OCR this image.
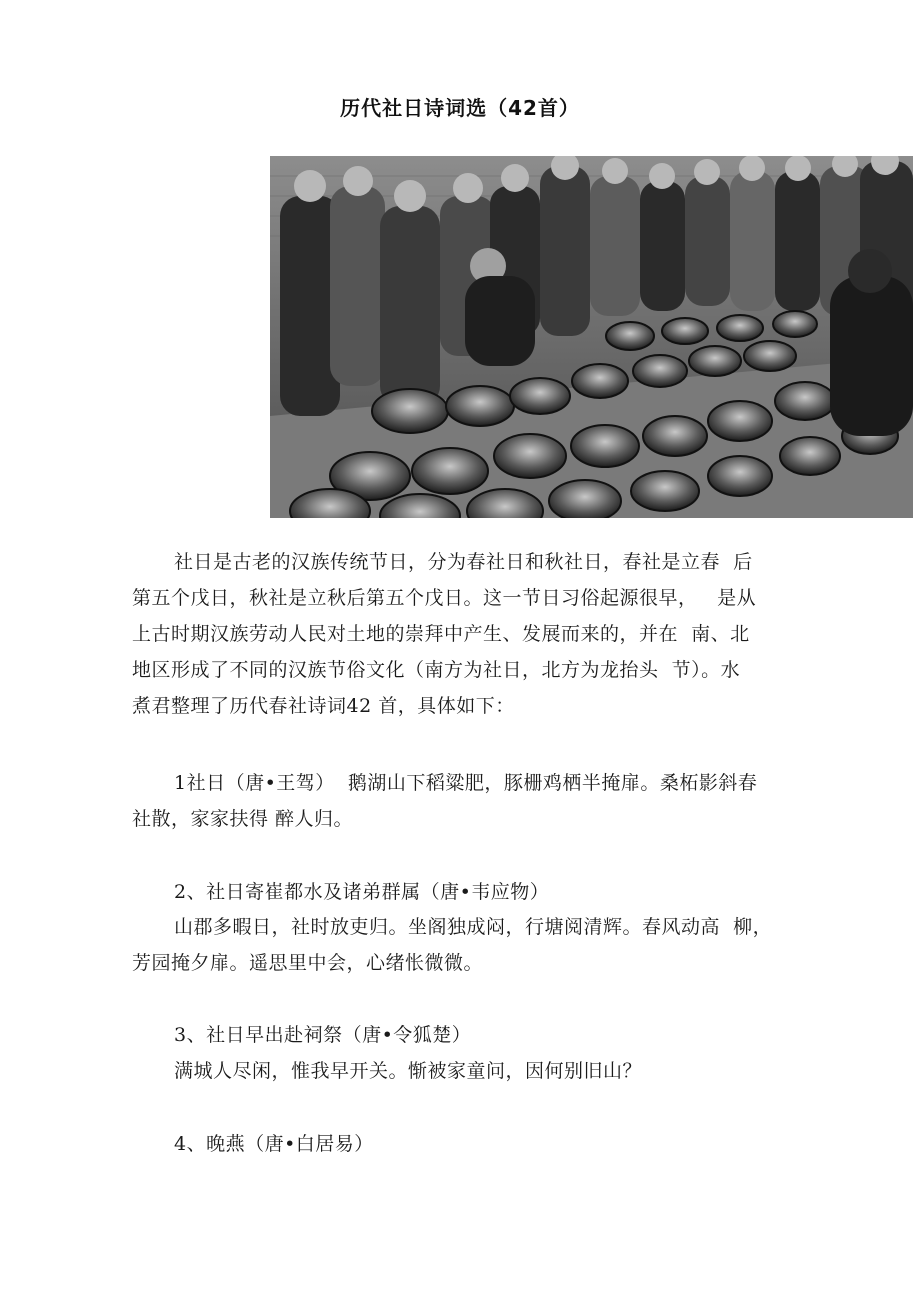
历代社日诗词选（42首）
社日是古老的汉族传统节日，分为春社日和秋社日，春社是立春  后
第五个戊日，秋社是立秋后第五个戊日。这一节日习俗起源很早，   是从
上古时期汉族劳动人民对土地的崇拜中产生、发展而来的，并在  南、北
地区形成了不同的汉族节俗文化（南方为社日，北方为龙抬头  节）。水
煮君整理了历代春社诗词42 首，具体如下：
1社日（唐•王驾）  鹅湖山下稻粱肥，豚栅鸡栖半掩扉。桑柘影斜春
社散，家家扶得 醉人归。
2、社日寄崔都水及诸弟群属（唐•韦应物）
山郡多暇日，社时放吏归。坐阁独成闷，行塘阅清辉。春风动高  柳，
芳园掩夕扉。遥思里中会，心绪怅微微。
3、社日早出赴祠祭（唐•令狐楚）
满城人尽闲，惟我早开关。惭被家童问，因何别旧山？
4、晚燕（唐•白居易）
